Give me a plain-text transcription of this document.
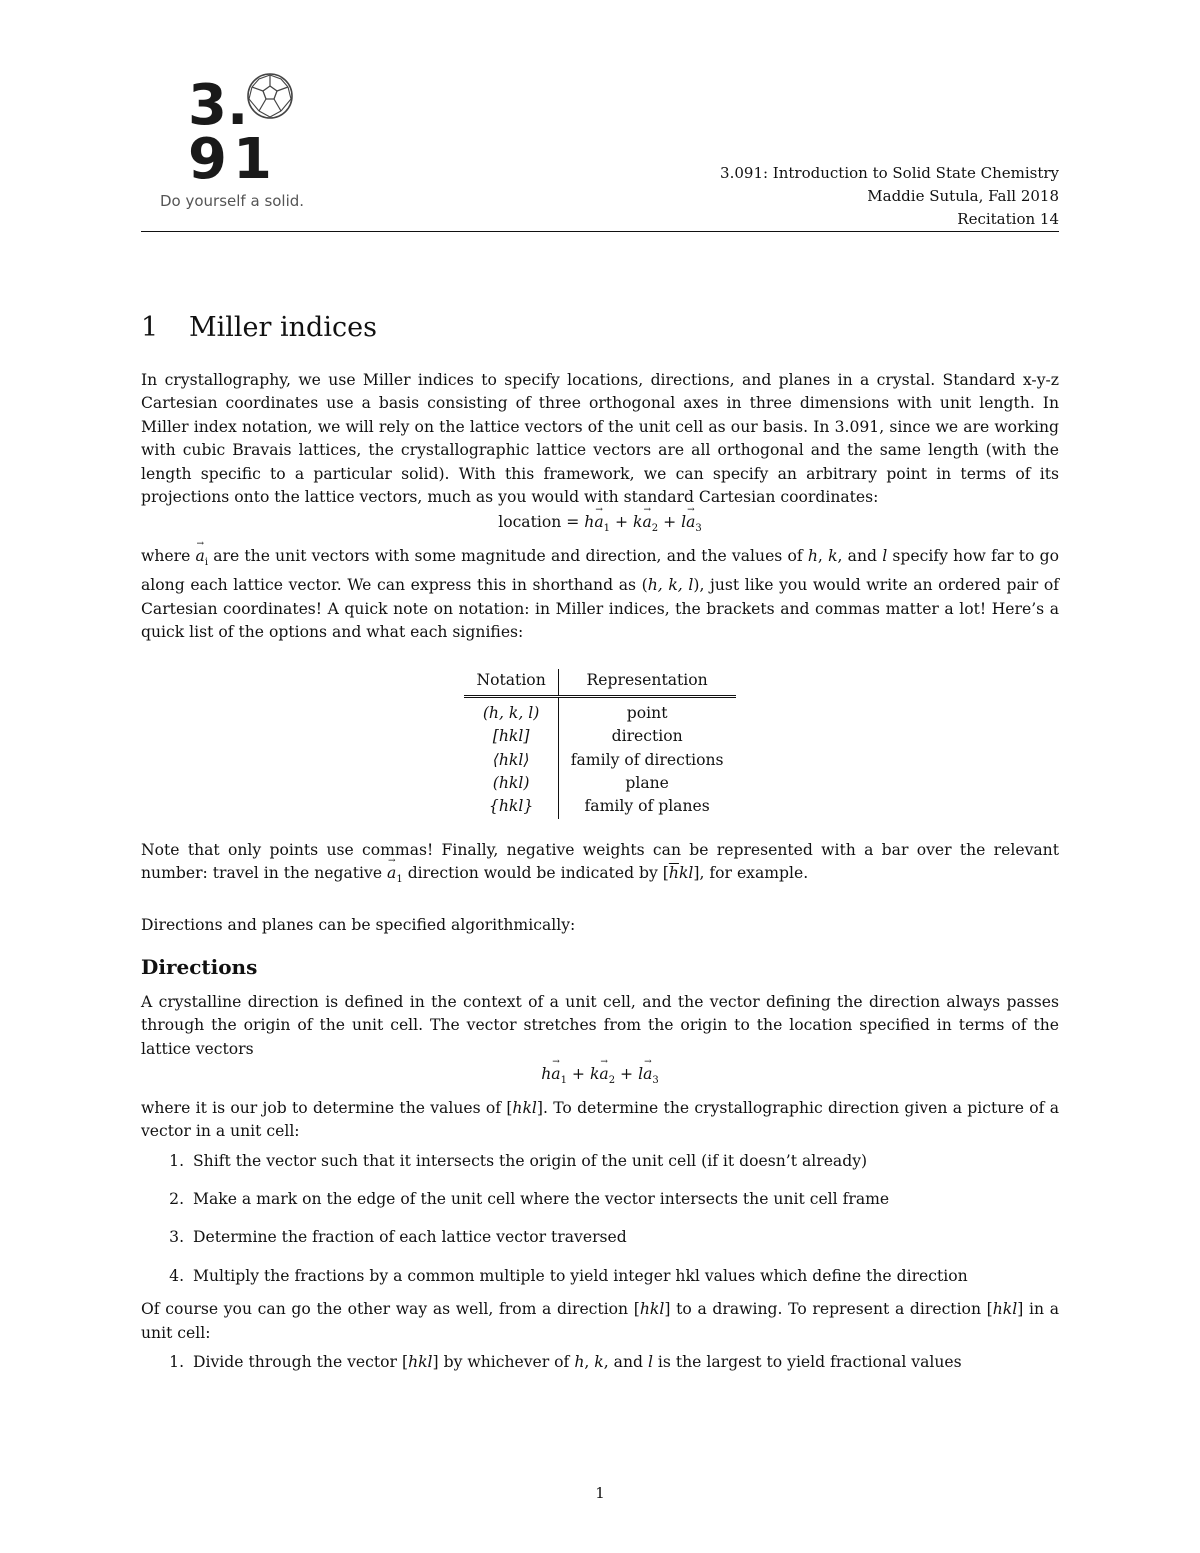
3.
91
Do yourself a solid.
3.091: Introduction to Solid State Chemistry
Maddie Sutula, Fall 2018
Recitation 14
1 Miller indices

In crystallography, we use Miller indices to specify locations, directions, and planes in a crystal. Standard x-y-z Cartesian coordinates use a basis consisting of three orthogonal axes in three dimensions with unit length. In Miller index notation, we will rely on the lattice vectors of the unit cell as our basis. In 3.091, since we are working with cubic Bravais lattices, the crystallographic lattice vectors are all orthogonal and the same length (with the length specific to a particular solid). With this framework, we can specify an arbitrary point in terms of its projections onto the lattice vectors, much as you would with standard Cartesian coordinates:

location = $ha_1$ → + $ka_2$ → + $la_3$ →

where $a_i$ → are the unit vectors with some magnitude and direction, and the values of h, k, and l specify how far to go along each lattice vector. We can express this in shorthand as (h, k, l), just like you would write an ordered pair of Cartesian coordinates! A quick note on notation: in Miller indices, the brackets and commas matter a lot! Here’s a quick list of the options and what each signifies:

Notation	Representation
(h, k, l)	point
[hkl]	direction
⟨hkl⟩	family of directions
(hkl)	plane
{hkl}	family of planes

Note that only points use commas! Finally, negative weights can be represented with a bar over the relevant number: travel in the negative $a_1$ → direction would be indicated by $[\overline{h}kl]$, for example.

Directions and planes can be specified algorithmically:

Directions

A crystalline direction is defined in the context of a unit cell, and the vector defining the direction always passes through the origin of the unit cell. The vector stretches from the origin to the location specified in terms of the lattice vectors

$ha_1$ → + $ka_2$ → + $la_3$ →

where it is our job to determine the values of [hkl]. To determine the crystallographic direction given a picture of a vector in a unit cell:

1. Shift the vector such that it intersects the origin of the unit cell (if it doesn’t already)
2. Make a mark on the edge of the unit cell where the vector intersects the unit cell frame
3. Determine the fraction of each lattice vector traversed
4. Multiply the fractions by a common multiple to yield integer hkl values which define the direction

Of course you can go the other way as well, from a direction [hkl] to a drawing. To represent a direction [hkl] in a unit cell:

1. Divide through the vector [hkl] by whichever of h, k, and l is the largest to yield fractional values
1
